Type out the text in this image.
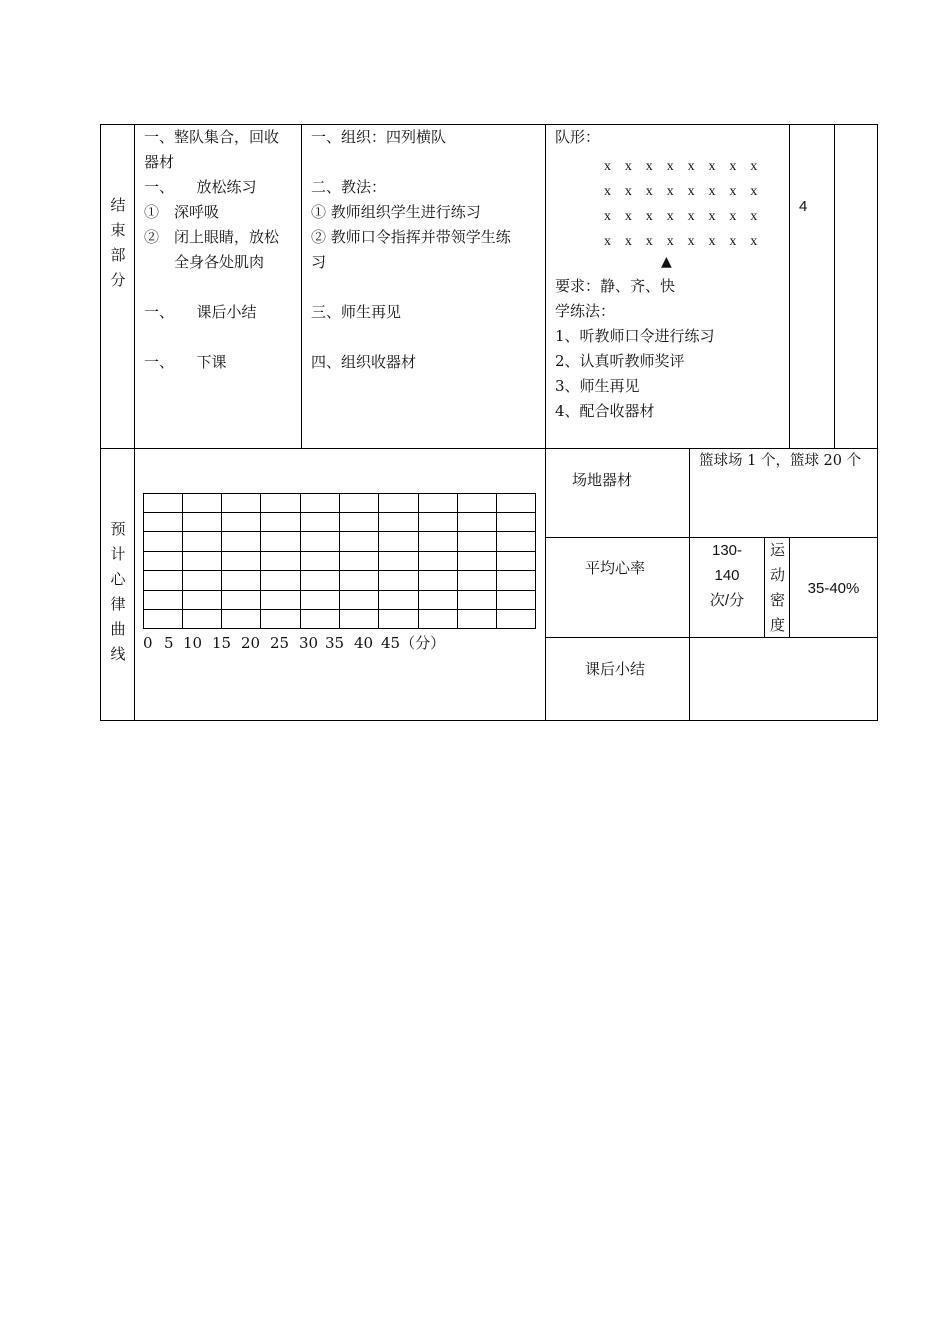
结
束
部
分
一、整队集合，回收
器材
一、　　放松练习
①　深呼吸
②　闭上眼睛，放松
　　全身各处肌肉

一、　　课后小结

一、　　下课
一、组织：四列横队

二、教法：
① 教师组织学生进行练习
② 教师口令指挥并带领学生练
习

三、师生再见

四、组织收器材
队形：
x x x x x x x x
x x x x x x x x
x x x x x x x x
x x x x x x x x
▲
要求：静、齐、快
学练法：
1、听教师口令进行练习
2、认真听教师奖评
3、师生再见
4、配合收器材
4
预
计
心
律
曲
线
0 5 10 15 20 25 30 35 40 45（分）
场地器材
篮球场 1 个，篮球 20 个
平均心率
130-
140
次/分
运
动
密
度
35-40%
课后小结
